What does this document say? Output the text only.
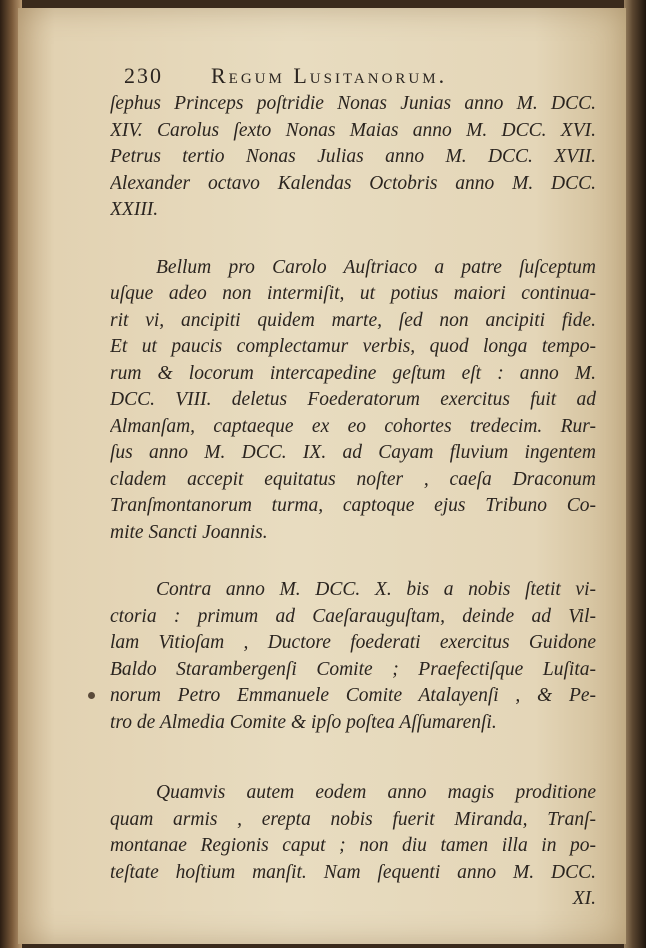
230 Regum Lusitanorum.
ſephus Princeps poſtridie Nonas Junias anno M. DCC.
XIV. Carolus ſexto Nonas Maias anno M. DCC. XVI.
Petrus tertio Nonas Julias anno M. DCC. XVII.
Alexander octavo Kalendas Octobris anno M. DCC.
XXIII.
Bellum pro Carolo Auſtriaco a patre ſuſceptum
uſque adeo non intermiſit, ut potius maiori continua-
rit vi, ancipiti quidem marte, ſed non ancipiti fide.
Et ut paucis complectamur verbis, quod longa tempo-
rum & locorum intercapedine geſtum eſt : anno M.
DCC. VIII. deletus Foederatorum exercitus fuit ad
Almanſam, captaeque ex eo cohortes tredecim. Rur-
ſus anno M. DCC. IX. ad Cayam fluvium ingentem
cladem accepit equitatus noſter , caeſa Draconum
Tranſmontanorum turma, captoque ejus Tribuno Co-
mite Sancti Joannis.
Contra anno M. DCC. X. bis a nobis ſtetit vi-
ctoria : primum ad Caeſarauguſtam, deinde ad Vil-
lam Vitioſam , Ductore foederati exercitus Guidone
Baldo Starambergenſi Comite ; Praefectiſque Luſita-
norum Petro Emmanuele Comite Atalayenſi , & Pe-
tro de Almedia Comite & ipſo poſtea Aſſumarenſi.
Quamvis autem eodem anno magis proditione
quam armis , erepta nobis fuerit Miranda, Tranſ-
montanae Regionis caput ; non diu tamen illa in po-
teſtate hoſtium manſit. Nam ſequenti anno M. DCC.
XI.
